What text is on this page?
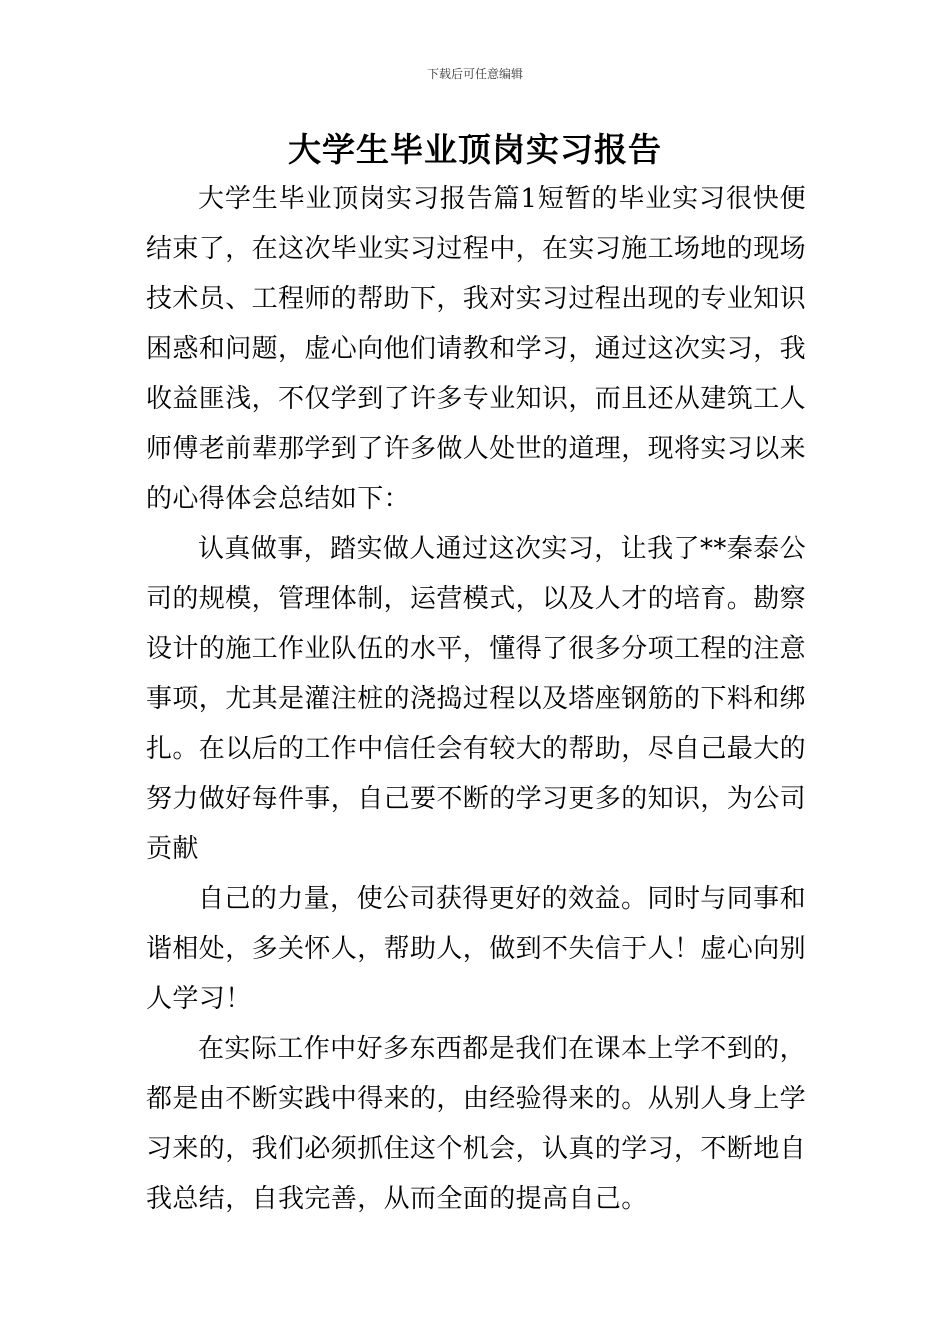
下载后可任意编辑
大学生毕业顶岗实习报告

大学生毕业顶岗实习报告篇1短暂的毕业实习很快便结束了，在这次毕业实习过程中，在实习施工场地的现场技术员、工程师的帮助下，我对实习过程出现的专业知识困惑和问题，虚心向他们请教和学习，通过这次实习，我收益匪浅，不仅学到了许多专业知识，而且还从建筑工人师傅老前辈那学到了许多做人处世的道理，现将实习以来的心得体会总结如下：

认真做事，踏实做人通过这次实习，让我了**秦泰公司的规模，管理体制，运营模式，以及人才的培育。勘察设计的施工作业队伍的水平，懂得了很多分项工程的注意事项，尤其是灌注桩的浇捣过程以及塔座钢筋的下料和绑扎。在以后的工作中信任会有较大的帮助，尽自己最大的努力做好每件事，自己要不断的学习更多的知识，为公司贡献

自己的力量，使公司获得更好的效益。同时与同事和谐相处，多关怀人，帮助人，做到不失信于人！虚心向别人学习！

在实际工作中好多东西都是我们在课本上学不到的，都是由不断实践中得来的，由经验得来的。从别人身上学习来的，我们必须抓住这个机会，认真的学习，不断地自我总结，自我完善，从而全面的提高自己。
